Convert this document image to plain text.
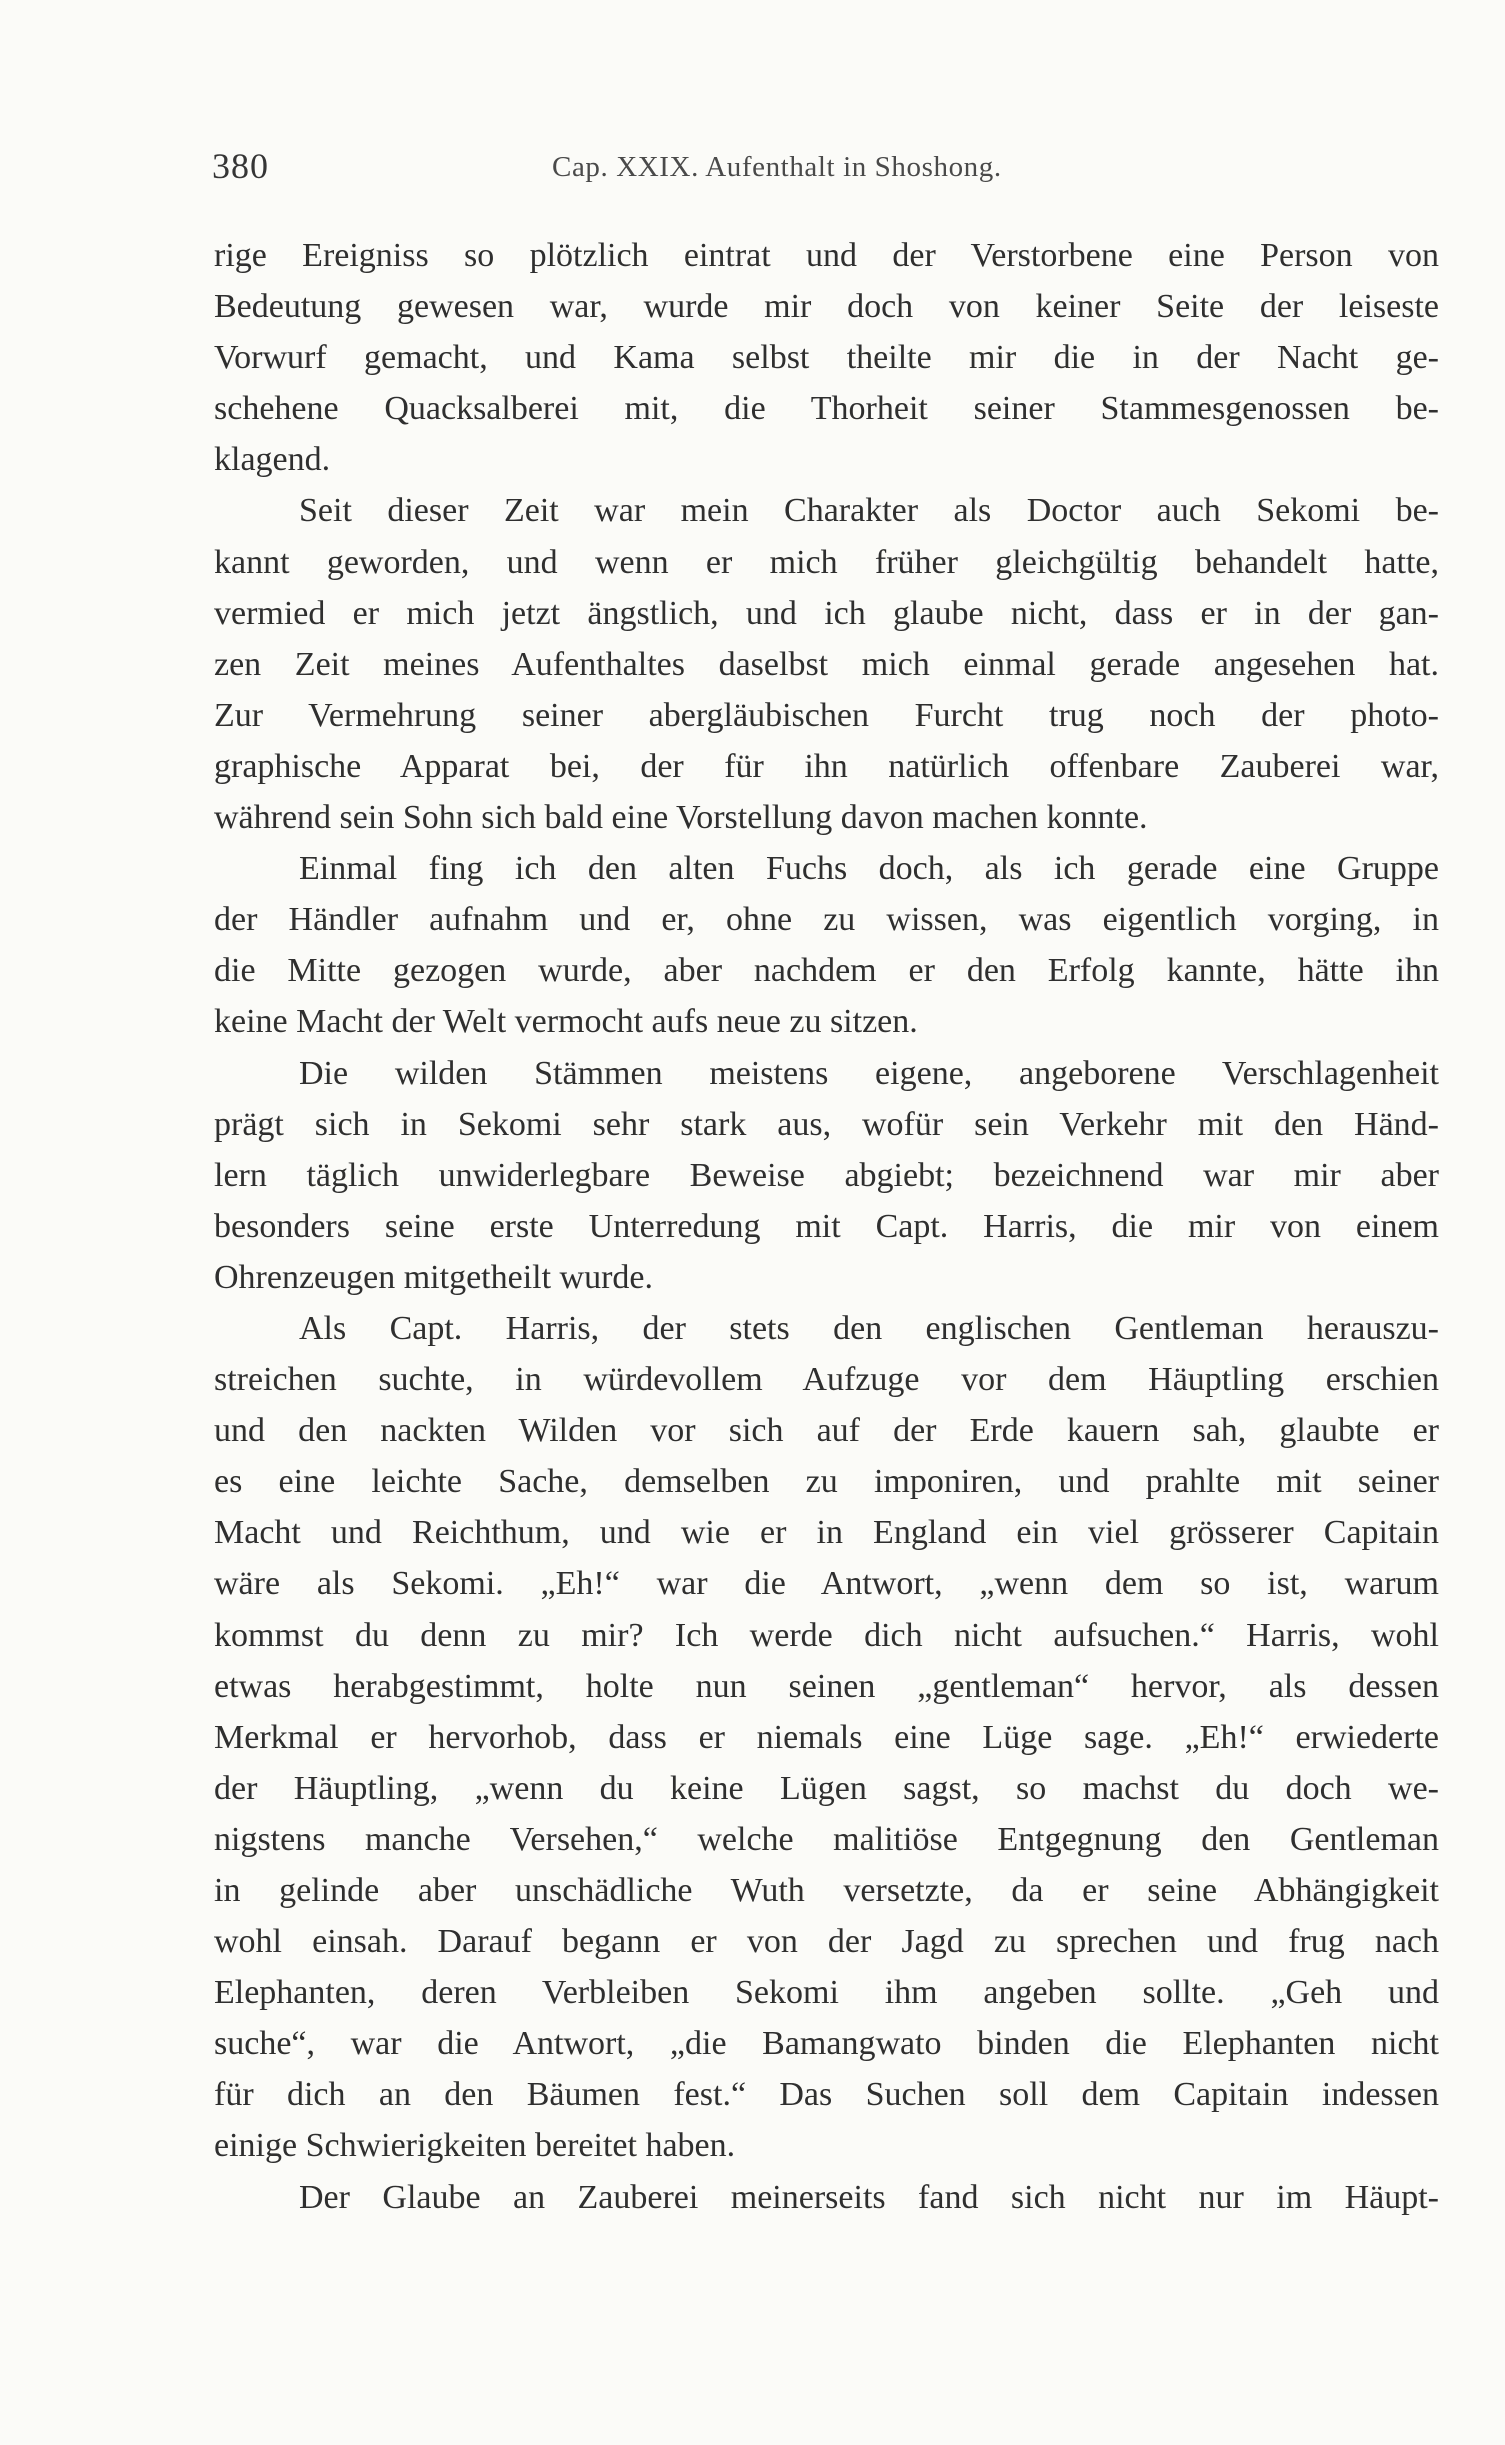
380	Cap. XXIX. Aufenthalt in Shoshong.
rige Ereigniss so plötzlich eintrat und der Verstorbene eine Person von
Bedeutung gewesen war, wurde mir doch von keiner Seite der leiseste
Vorwurf gemacht, und Kama selbst theilte mir die in der Nacht ge-
schehene Quacksalberei mit, die Thorheit seiner Stammesgenossen be-
klagend.
Seit dieser Zeit war mein Charakter als Doctor auch Sekomi be-
kannt geworden, und wenn er mich früher gleichgültig behandelt hatte,
vermied er mich jetzt ängstlich, und ich glaube nicht, dass er in der gan-
zen Zeit meines Aufenthaltes daselbst mich einmal gerade angesehen hat.
Zur Vermehrung seiner abergläubischen Furcht trug noch der photo-
graphische Apparat bei, der für ihn natürlich offenbare Zauberei war,
während sein Sohn sich bald eine Vorstellung davon machen konnte.
Einmal fing ich den alten Fuchs doch, als ich gerade eine Gruppe
der Händler aufnahm und er, ohne zu wissen, was eigentlich vorging, in
die Mitte gezogen wurde, aber nachdem er den Erfolg kannte, hätte ihn
keine Macht der Welt vermocht aufs neue zu sitzen.
Die wilden Stämmen meistens eigene, angeborene Verschlagenheit
prägt sich in Sekomi sehr stark aus, wofür sein Verkehr mit den Händ-
lern täglich unwiderlegbare Beweise abgiebt; bezeichnend war mir aber
besonders seine erste Unterredung mit Capt. Harris, die mir von einem
Ohrenzeugen mitgetheilt wurde.
Als Capt. Harris, der stets den englischen Gentleman herauszu-
streichen suchte, in würdevollem Aufzuge vor dem Häuptling erschien
und den nackten Wilden vor sich auf der Erde kauern sah, glaubte er
es eine leichte Sache, demselben zu imponiren, und prahlte mit seiner
Macht und Reichthum, und wie er in England ein viel grösserer Capitain
wäre als Sekomi. „Eh!“ war die Antwort, „wenn dem so ist, warum
kommst du denn zu mir? Ich werde dich nicht aufsuchen.“ Harris, wohl
etwas herabgestimmt, holte nun seinen „gentleman“ hervor, als dessen
Merkmal er hervorhob, dass er niemals eine Lüge sage. „Eh!“ erwiederte
der Häuptling, „wenn du keine Lügen sagst, so machst du doch we-
nigstens manche Versehen,“ welche malitiöse Entgegnung den Gentleman
in gelinde aber unschädliche Wuth versetzte, da er seine Abhängigkeit
wohl einsah. Darauf begann er von der Jagd zu sprechen und frug nach
Elephanten, deren Verbleiben Sekomi ihm angeben sollte. „Geh und
suche“, war die Antwort, „die Bamangwato binden die Elephanten nicht
für dich an den Bäumen fest.“ Das Suchen soll dem Capitain indessen
einige Schwierigkeiten bereitet haben.
Der Glaube an Zauberei meinerseits fand sich nicht nur im Häupt-
